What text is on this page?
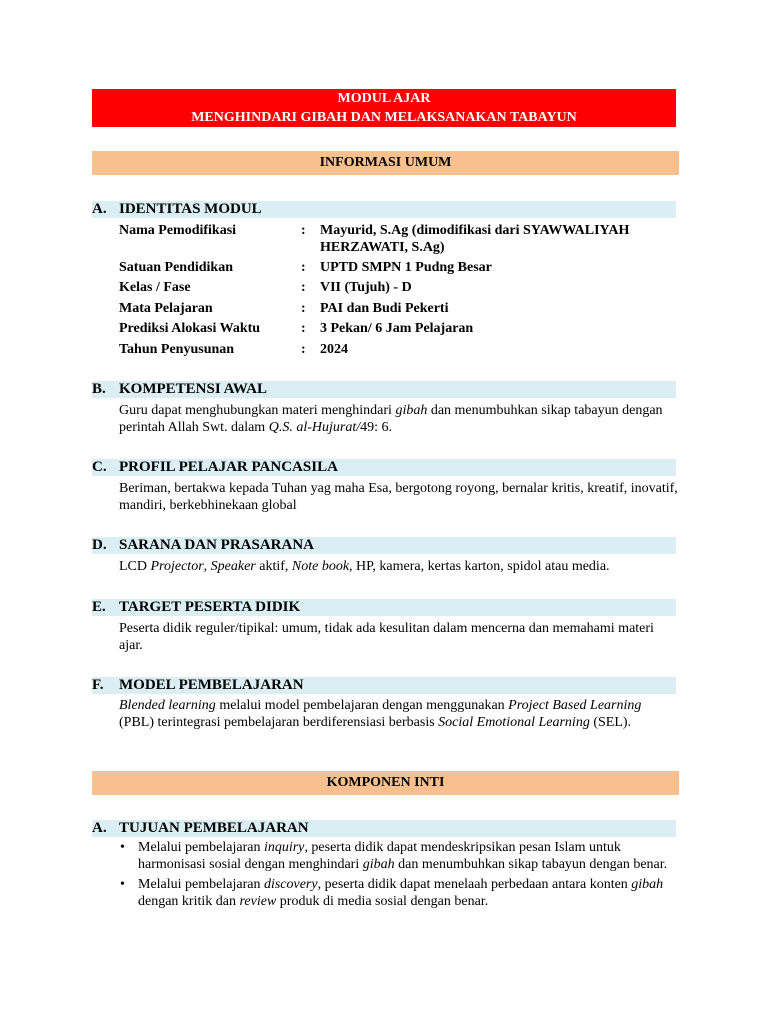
MODUL AJAR
MENGHINDARI GIBAH DAN MELAKSANAKAN TABAYUN
INFORMASI UMUM
A. IDENTITAS MODUL
Nama Pemodifikasi	: Mayurid, S.Ag (dimodifikasi dari SYAWWALIYAH HERZAWATI, S.Ag)
Satuan Pendidikan	: UPTD SMPN 1 Pudng Besar
Kelas / Fase	: VII (Tujuh) - D
Mata Pelajaran	: PAI dan Budi Pekerti
Prediksi Alokasi Waktu	: 3 Pekan/ 6 Jam Pelajaran
Tahun Penyusunan	: 2024
B. KOMPETENSI AWAL
Guru dapat menghubungkan materi menghindari gibah dan menumbuhkan sikap tabayun dengan perintah Allah Swt. dalam Q.S. al-Hujurat/49: 6.
C. PROFIL PELAJAR PANCASILA
Beriman, bertakwa kepada Tuhan yag maha Esa, bergotong royong, bernalar kritis, kreatif, inovatif, mandiri, berkebhinekaan global
D. SARANA DAN PRASARANA
LCD Projector, Speaker aktif, Note book, HP, kamera, kertas karton, spidol atau media.
E. TARGET PESERTA DIDIK
Peserta didik reguler/tipikal: umum, tidak ada kesulitan dalam mencerna dan memahami materi ajar.
F. MODEL PEMBELAJARAN
Blended learning melalui model pembelajaran dengan menggunakan Project Based Learning (PBL) terintegrasi pembelajaran berdiferensiasi berbasis Social Emotional Learning (SEL).
KOMPONEN INTI
A. TUJUAN PEMBELAJARAN
• Melalui pembelajaran inquiry, peserta didik dapat mendeskripsikan pesan Islam untuk harmonisasi sosial dengan menghindari gibah dan menumbuhkan sikap tabayun dengan benar.
• Melalui pembelajaran discovery, peserta didik dapat menelaah perbedaan antara konten gibah dengan kritik dan review produk di media sosial dengan benar.
